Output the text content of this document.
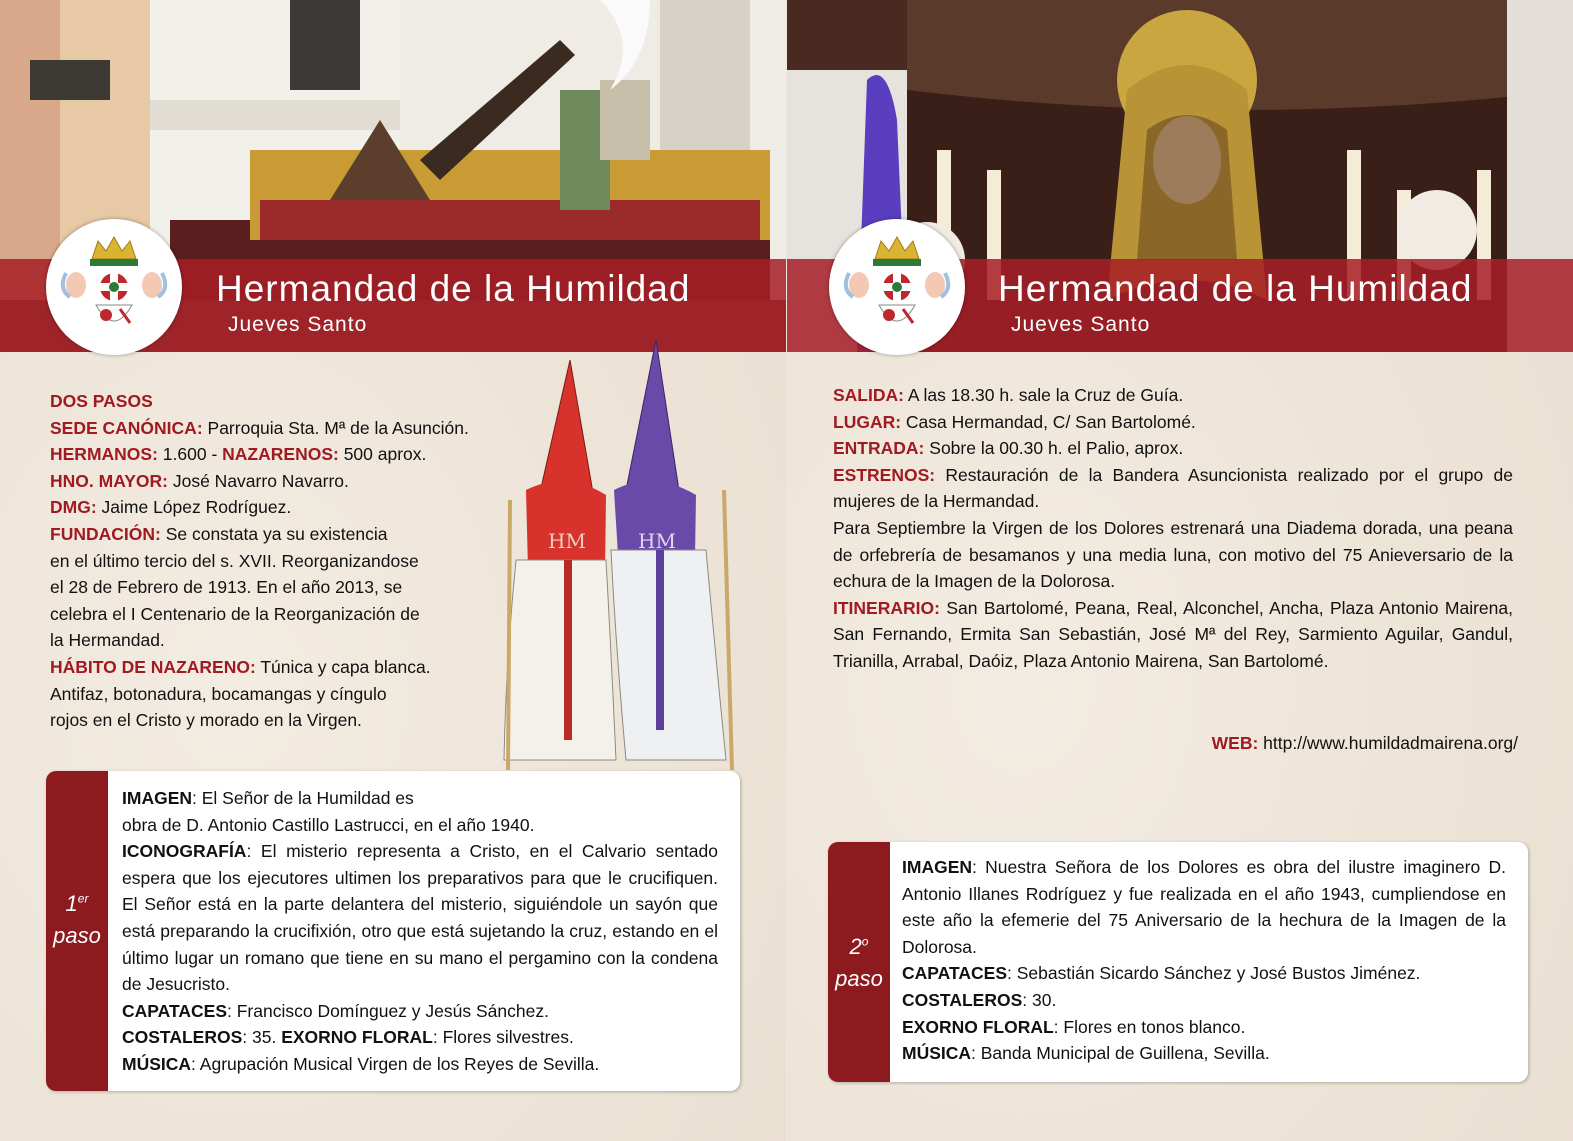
Hermandad de la Humildad
Jueves Santo

DOS PASOS

SEDE CANÓNICA: Parroquia Sta. Mª de la Asunción.

HERMANOS: 1.600 - NAZARENOS: 500 aprox.

HNO. MAYOR: José Navarro Navarro.

DMG: Jaime López Rodríguez.

FUNDACIÓN: Se constata ya su existencia

en el último tercio del s. XVII. Reorganizandose

el 28 de Febrero de 1913. En el año 2013, se

celebra el I Centenario de la Reorganización de

la Hermandad.

HÁBITO DE NAZARENO: Túnica y capa blanca.

Antifaz, botonadura, bocamangas y cíngulo

rojos en el Cristo y morado en la Virgen.

HM	HM
1er
paso

IMAGEN: El Señor de la Humildad es

obra de D. Antonio Castillo Lastrucci, en el año 1940.

ICONOGRAFÍA: El misterio representa a Cristo, en el Calvario sentado espera que los ejecutores ultimen los preparativos para que le crucifiquen. El Señor está en la parte delantera del misterio, siguiéndole un sayón que está preparando la crucifixión, otro que está sujetando la cruz, estando en el último lugar un romano que tiene en su mano el pergamino con la condena de Jesucristo.

CAPATACES: Francisco Domínguez y Jesús Sánchez.

COSTALEROS: 35. EXORNO FLORAL: Flores silvestres.

MÚSICA: Agrupación Musical Virgen de los Reyes de Sevilla.

Hermandad de la Humildad
Jueves Santo

SALIDA: A las 18.30 h. sale la Cruz de Guía.

LUGAR: Casa Hermandad, C/ San Bartolomé.

ENTRADA: Sobre la 00.30 h. el Palio, aprox.

ESTRENOS: Restauración de la Bandera Asuncionista realizado por el grupo de mujeres de la Hermandad.

Para Septiembre la Virgen de los Dolores estrenará una Diadema dorada, una peana de orfebrería de besamanos y una media luna, con motivo del 75 Anieversario de la echura de la Imagen de la Dolorosa.

ITINERARIO: San Bartolomé, Peana, Real, Alconchel, Ancha, Plaza Antonio Mairena, San Fernando, Ermita San Sebastián, José Mª del Rey, Sarmiento Aguilar, Gandul, Trianilla, Arrabal, Daóiz, Plaza Antonio Mairena, San Bartolomé.

WEB: http://www.humildadmairena.org/
2$^o$
paso

IMAGEN: Nuestra Señora de los Dolores es obra del ilustre imaginero D. Antonio Illanes Rodríguez y fue realizada en el año 1943, cumpliendose en este año la efemerie del 75 Aniversario de la hechura de la Imagen de la Dolorosa.

CAPATACES: Sebastián Sicardo Sánchez y José Bustos Jiménez.

COSTALEROS: 30.

EXORNO FLORAL: Flores en tonos blanco.

MÚSICA: Banda Municipal de Guillena, Sevilla.
